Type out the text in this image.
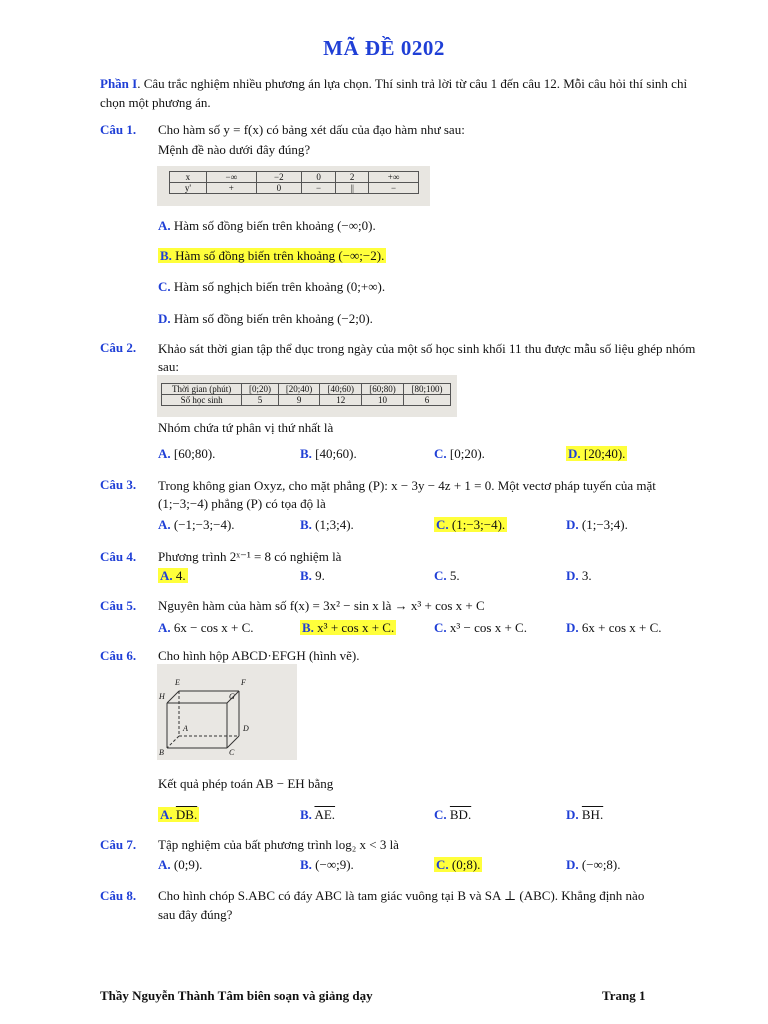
MÃ ĐỀ 0202
Phần I. Câu trắc nghiệm nhiều phương án lựa chọn. Thí sinh trả lời từ câu 1 đến câu 12. Mỗi câu hỏi thí sinh chỉ chọn một phương án.
Câu 1. Cho hàm số y = f(x) có bảng xét dấu của đạo hàm như sau:
Mệnh đề nào dưới đây đúng?
x	−∞	−2	0	2	+∞
y'	+	0	−	||	−
A. Hàm số đồng biến trên khoảng (−∞;0).
B. Hàm số đồng biến trên khoảng (−∞;−2).
C. Hàm số nghịch biến trên khoảng (0;+∞).
D. Hàm số đồng biến trên khoảng (−2;0).
Câu 2. Khảo sát thời gian tập thể dục trong ngày của một số học sinh khối 11 thu được mẫu số liệu ghép nhóm sau:
Thời gian (phút)	[0;20)	[20;40)	[40;60)	[60;80)	[80;100)
Số học sinh	5	9	12	10	6
Nhóm chứa tứ phân vị thứ nhất là
A. [60;80).	B. [40;60).	C. [0;20).	D. [20;40).
Câu 3. Trong không gian Oxyz, cho mặt phẳng (P): x − 3y − 4z + 1 = 0. Một vectơ pháp tuyến của mặt (1;−3;−4) phẳng (P) có tọa độ là
A. (−1;−3;−4).	B. (1;3;4).	C. (1;−3;−4).	D. (1;−3;4).
Câu 4. Phương trình 2ˣ⁻¹ = 8 có nghiệm là
A. 4.	B. 9.	C. 5.	D. 3.
Câu 5. Nguyên hàm của hàm số f(x) = 3x² − sin x là → x³ + cos x + C
A. 6x − cos x + C.	B. x³ + cos x + C.	C. x³ − cos x + C.	D. 6x + cos x + C.
Câu 6. Cho hình hộp ABCD·EFGH (hình vẽ).
E	F
H	G
A
B	C
D
Kết quả phép toán AB − EH bằng
A. DB.	B. AE.	C. BD.	D. BH.
Câu 7. Tập nghiệm của bất phương trình log₂ x < 3 là
A. (0;9).	B. (−∞;9).	C. (0;8).	D. (−∞;8).
Câu 8. Cho hình chóp S.ABC có đáy ABC là tam giác vuông tại B và SA ⊥ (ABC). Khẳng định nào
sau đây đúng?
Thầy Nguyễn Thành Tâm biên soạn và giảng dạy	Trang 1
